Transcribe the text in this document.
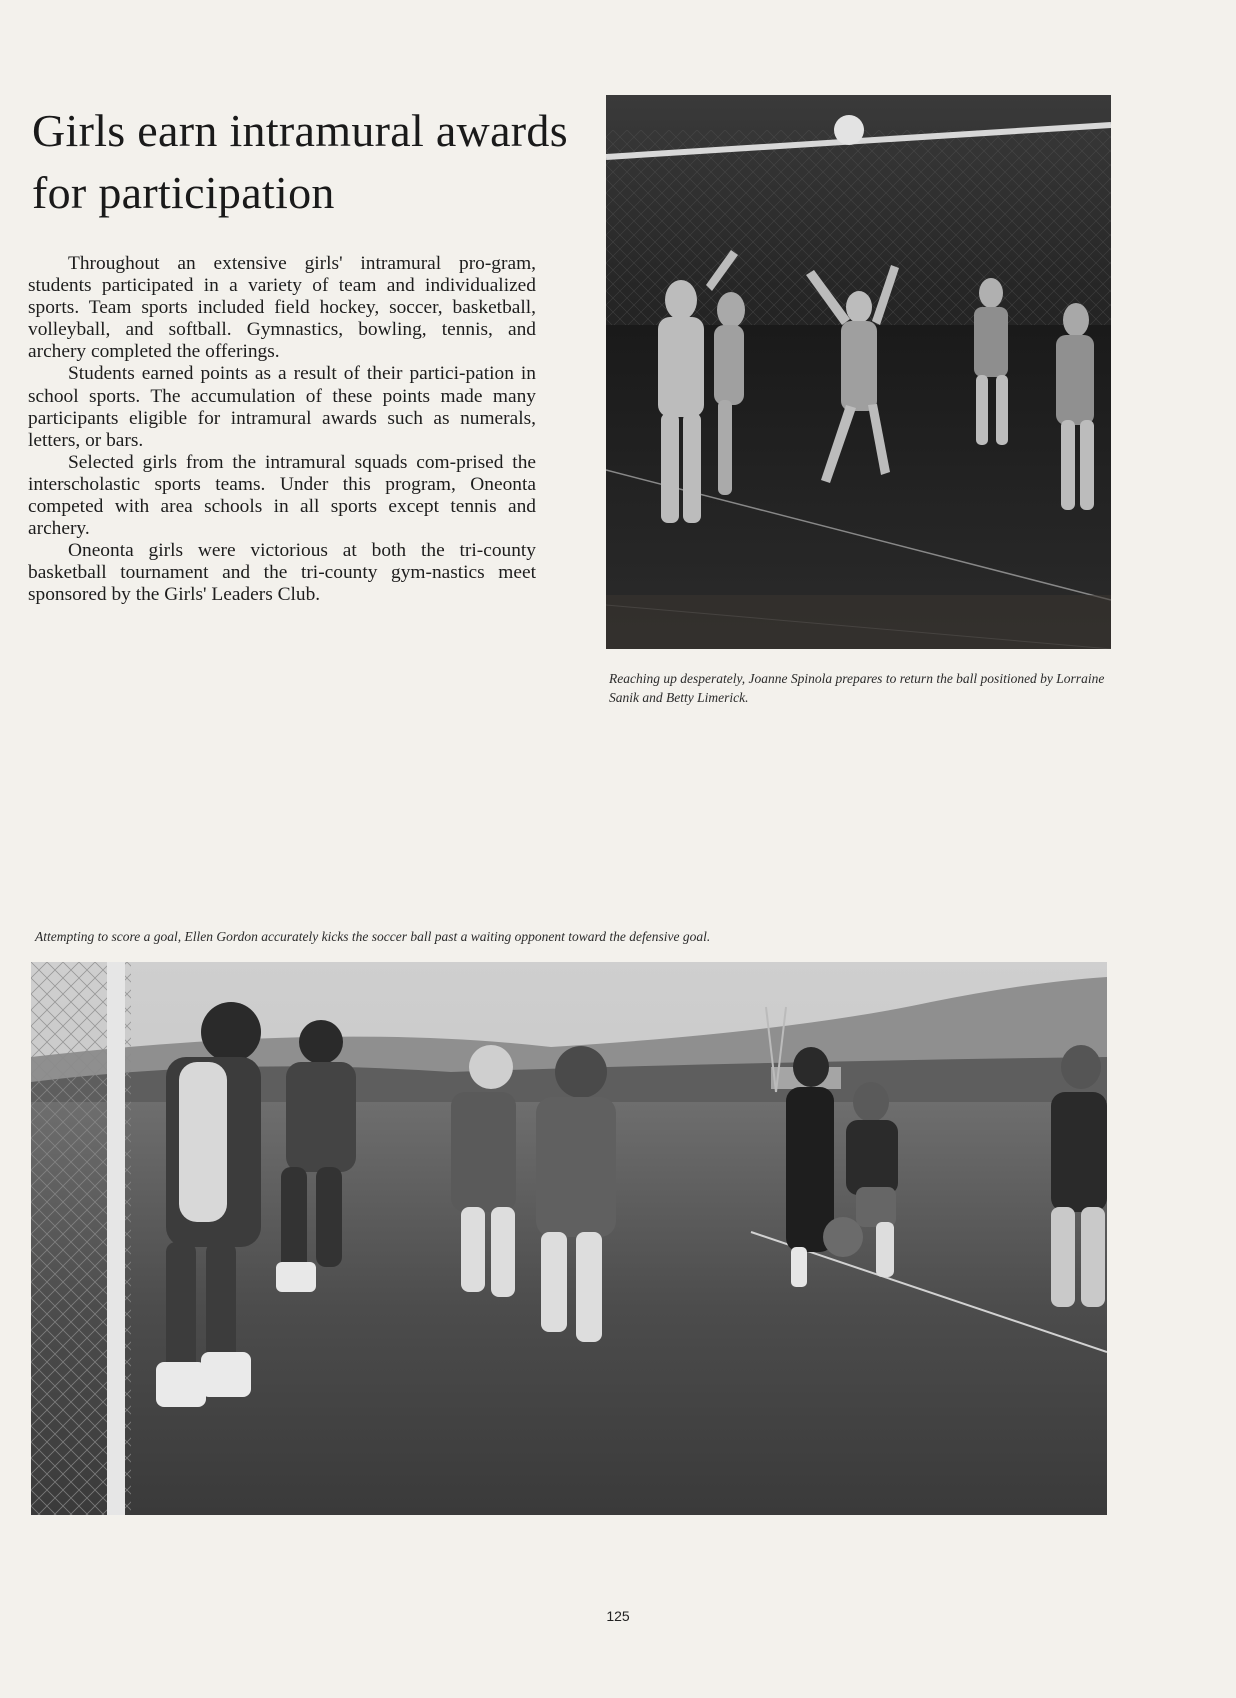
Girls earn intramural awards for participation

Throughout an extensive girls' intramural pro-gram, students participated in a variety of team and individualized sports. Team sports included field hockey, soccer, basketball, volleyball, and softball. Gymnastics, bowling, tennis, and archery completed the offerings.

Students earned points as a result of their partici-pation in school sports. The accumulation of these points made many participants eligible for intramural awards such as numerals, letters, or bars.

Selected girls from the intramural squads com-prised the interscholastic sports teams. Under this program, Oneonta competed with area schools in all sports except tennis and archery.

Oneonta girls were victorious at both the tri-county basketball tournament and the tri-county gym-nastics meet sponsored by the Girls' Leaders Club.

Reaching up desperately, Joanne Spinola prepares to return the ball positioned by Lorraine Sanik and Betty Limerick.
Attempting to score a goal, Ellen Gordon accurately kicks the soccer ball past a waiting opponent toward the defensive goal.
125
